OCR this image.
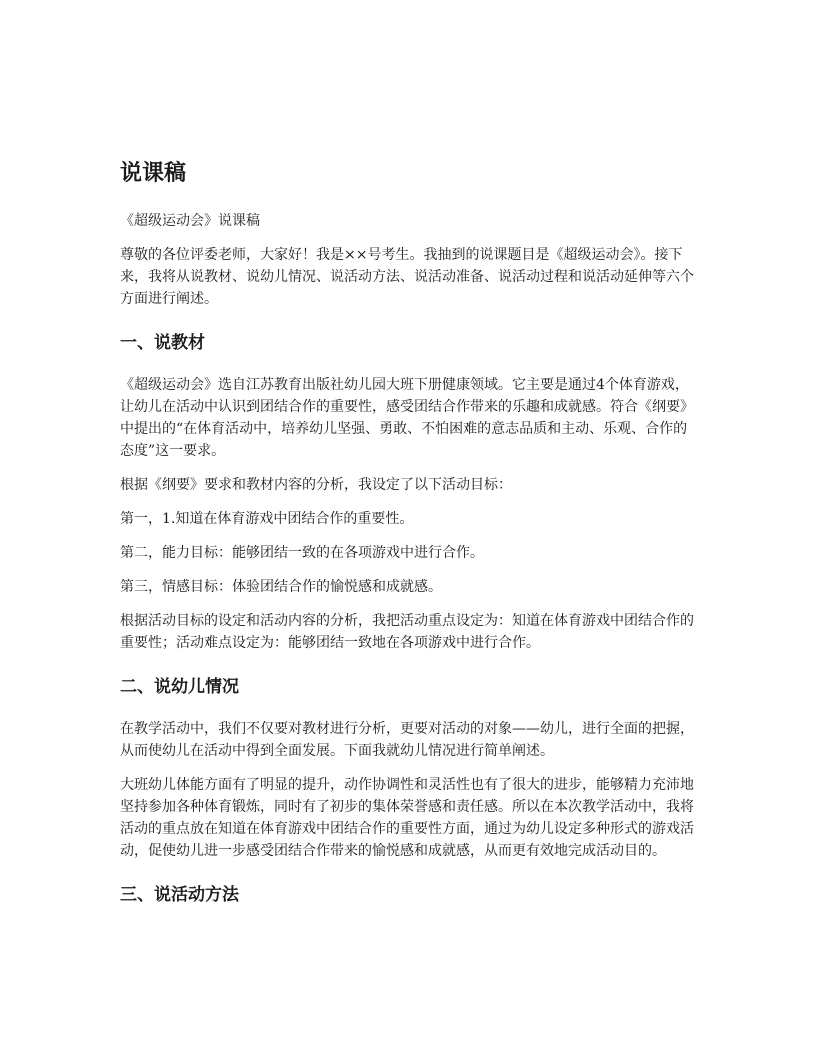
说课稿

《超级运动会》说课稿

尊敬的各位评委老师，大家好！我是××号考生。我抽到的说课题目是《超级运动会》。接下来，我将从说教材、说幼儿情况、说活动方法、说活动准备、说活动过程和说活动延伸等六个方面进行阐述。

一、说教材

《超级运动会》选自江苏教育出版社幼儿园大班下册健康领域。它主要是通过4个体育游戏，让幼儿在活动中认识到团结合作的重要性，感受团结合作带来的乐趣和成就感。符合《纲要》中提出的“在体育活动中，培养幼儿坚强、勇敢、不怕困难的意志品质和主动、乐观、合作的态度”这一要求。

根据《纲要》要求和教材内容的分析，我设定了以下活动目标：

第一，1.知道在体育游戏中团结合作的重要性。

第二，能力目标：能够团结一致的在各项游戏中进行合作。

第三，情感目标：体验团结合作的愉悦感和成就感。

根据活动目标的设定和活动内容的分析，我把活动重点设定为：知道在体育游戏中团结合作的重要性；活动难点设定为：能够团结一致地在各项游戏中进行合作。

二、说幼儿情况

在教学活动中，我们不仅要对教材进行分析，更要对活动的对象——幼儿，进行全面的把握，从而使幼儿在活动中得到全面发展。下面我就幼儿情况进行简单阐述。

大班幼儿体能方面有了明显的提升，动作协调性和灵活性也有了很大的进步，能够精力充沛地坚持参加各种体育锻炼，同时有了初步的集体荣誉感和责任感。所以在本次教学活动中，我将活动的重点放在知道在体育游戏中团结合作的重要性方面，通过为幼儿设定多种形式的游戏活动，促使幼儿进一步感受团结合作带来的愉悦感和成就感，从而更有效地完成活动目的。

三、说活动方法
